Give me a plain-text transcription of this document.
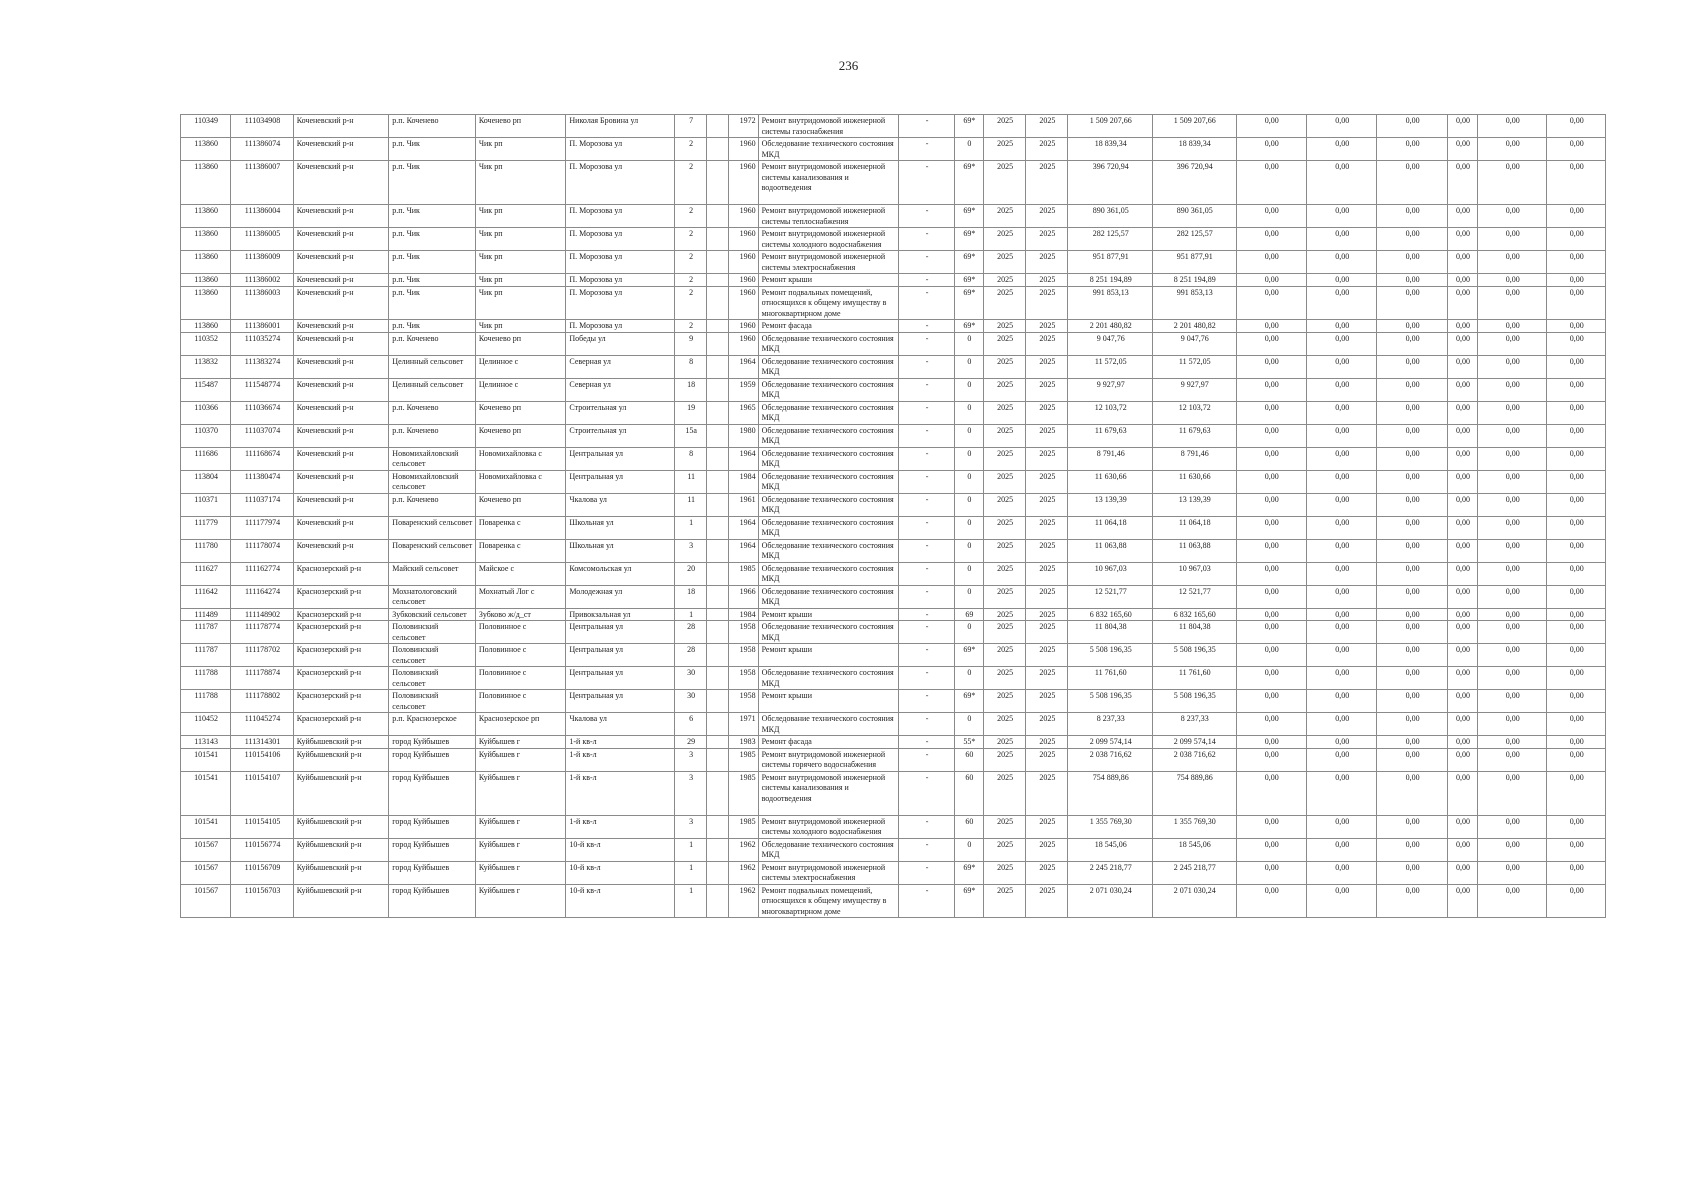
236
110349	111034908	Коченевский р-н	р.п. Коченево	Коченево рп	Николая Бровина ул	7		1972	Ремонт внутридомовой инженерной системы газоснабжения	-	69*	2025	2025	1 509 207,66	1 509 207,66	0,00	0,00	0,00	0,00	0,00	0,00
113860	111386074	Коченевский р-н	р.п. Чик	Чик рп	П. Морозова ул	2		1960	Обследование технического состояния МКД	-	0	2025	2025	18 839,34	18 839,34	0,00	0,00	0,00	0,00	0,00	0,00
113860	111386007	Коченевский р-н	р.п. Чик	Чик рп	П. Морозова ул	2		1960	Ремонт внутридомовой инженерной системы канализования и водоотведения	-	69*	2025	2025	396 720,94	396 720,94	0,00	0,00	0,00	0,00	0,00	0,00
113860	111386004	Коченевский р-н	р.п. Чик	Чик рп	П. Морозова ул	2		1960	Ремонт внутридомовой инженерной системы теплоснабжения	-	69*	2025	2025	890 361,05	890 361,05	0,00	0,00	0,00	0,00	0,00	0,00
113860	111386005	Коченевский р-н	р.п. Чик	Чик рп	П. Морозова ул	2		1960	Ремонт внутридомовой инженерной системы холодного водоснабжения	-	69*	2025	2025	282 125,57	282 125,57	0,00	0,00	0,00	0,00	0,00	0,00
113860	111386009	Коченевский р-н	р.п. Чик	Чик рп	П. Морозова ул	2		1960	Ремонт внутридомовой инженерной системы электроснабжения	-	69*	2025	2025	951 877,91	951 877,91	0,00	0,00	0,00	0,00	0,00	0,00
113860	111386002	Коченевский р-н	р.п. Чик	Чик рп	П. Морозова ул	2		1960	Ремонт крыши	-	69*	2025	2025	8 251 194,89	8 251 194,89	0,00	0,00	0,00	0,00	0,00	0,00
113860	111386003	Коченевский р-н	р.п. Чик	Чик рп	П. Морозова ул	2		1960	Ремонт подвальных помещений, относящихся к общему имуществу в многоквартирном доме	-	69*	2025	2025	991 853,13	991 853,13	0,00	0,00	0,00	0,00	0,00	0,00
113860	111386001	Коченевский р-н	р.п. Чик	Чик рп	П. Морозова ул	2		1960	Ремонт фасада	-	69*	2025	2025	2 201 480,82	2 201 480,82	0,00	0,00	0,00	0,00	0,00	0,00
110352	111035274	Коченевский р-н	р.п. Коченево	Коченево рп	Победы ул	9		1960	Обследование технического состояния МКД	-	0	2025	2025	9 047,76	9 047,76	0,00	0,00	0,00	0,00	0,00	0,00
113832	111383274	Коченевский р-н	Целинный сельсовет	Целинное с	Северная ул	8		1964	Обследование технического состояния МКД	-	0	2025	2025	11 572,05	11 572,05	0,00	0,00	0,00	0,00	0,00	0,00
115487	111548774	Коченевский р-н	Целинный сельсовет	Целинное с	Северная ул	18		1959	Обследование технического состояния МКД	-	0	2025	2025	9 927,97	9 927,97	0,00	0,00	0,00	0,00	0,00	0,00
110366	111036674	Коченевский р-н	р.п. Коченево	Коченево рп	Строительная ул	19		1965	Обследование технического состояния МКД	-	0	2025	2025	12 103,72	12 103,72	0,00	0,00	0,00	0,00	0,00	0,00
110370	111037074	Коченевский р-н	р.п. Коченево	Коченево рп	Строительная ул	15а		1980	Обследование технического состояния МКД	-	0	2025	2025	11 679,63	11 679,63	0,00	0,00	0,00	0,00	0,00	0,00
111686	111168674	Коченевский р-н	Новомихайловский сельсовет	Новомихайловка с	Центральная ул	8		1964	Обследование технического состояния МКД	-	0	2025	2025	8 791,46	8 791,46	0,00	0,00	0,00	0,00	0,00	0,00
113804	111380474	Коченевский р-н	Новомихайловский сельсовет	Новомихайловка с	Центральная ул	11		1984	Обследование технического состояния МКД	-	0	2025	2025	11 630,66	11 630,66	0,00	0,00	0,00	0,00	0,00	0,00
110371	111037174	Коченевский р-н	р.п. Коченево	Коченево рп	Чкалова ул	11		1961	Обследование технического состояния МКД	-	0	2025	2025	13 139,39	13 139,39	0,00	0,00	0,00	0,00	0,00	0,00
111779	111177974	Коченевский р-н	Поваренский сельсовет	Поваренка с	Школьная ул	1		1964	Обследование технического состояния МКД	-	0	2025	2025	11 064,18	11 064,18	0,00	0,00	0,00	0,00	0,00	0,00
111780	111178074	Коченевский р-н	Поваренский сельсовет	Поваренка с	Школьная ул	3		1964	Обследование технического состояния МКД	-	0	2025	2025	11 063,88	11 063,88	0,00	0,00	0,00	0,00	0,00	0,00
111627	111162774	Краснозерский р-н	Майский сельсовет	Майское с	Комсомольская ул	20		1985	Обследование технического состояния МКД	-	0	2025	2025	10 967,03	10 967,03	0,00	0,00	0,00	0,00	0,00	0,00
111642	111164274	Краснозерский р-н	Мохнатологовский сельсовет	Мохнатый Лог с	Молодежная ул	18		1966	Обследование технического состояния МКД	-	0	2025	2025	12 521,77	12 521,77	0,00	0,00	0,00	0,00	0,00	0,00
111489	111148902	Краснозерский р-н	Зубковский сельсовет	Зубково ж/д_ст	Привокзальная ул	1		1984	Ремонт крыши	-	69	2025	2025	6 832 165,60	6 832 165,60	0,00	0,00	0,00	0,00	0,00	0,00
111787	111178774	Краснозерский р-н	Половинский сельсовет	Половинное с	Центральная ул	28		1958	Обследование технического состояния МКД	-	0	2025	2025	11 804,38	11 804,38	0,00	0,00	0,00	0,00	0,00	0,00
111787	111178702	Краснозерский р-н	Половинский сельсовет	Половинное с	Центральная ул	28		1958	Ремонт крыши	-	69*	2025	2025	5 508 196,35	5 508 196,35	0,00	0,00	0,00	0,00	0,00	0,00
111788	111178874	Краснозерский р-н	Половинский сельсовет	Половинное с	Центральная ул	30		1958	Обследование технического состояния МКД	-	0	2025	2025	11 761,60	11 761,60	0,00	0,00	0,00	0,00	0,00	0,00
111788	111178802	Краснозерский р-н	Половинский сельсовет	Половинное с	Центральная ул	30		1958	Ремонт крыши	-	69*	2025	2025	5 508 196,35	5 508 196,35	0,00	0,00	0,00	0,00	0,00	0,00
110452	111045274	Краснозерский р-н	р.п. Краснозерское	Краснозерское рп	Чкалова ул	6		1971	Обследование технического состояния МКД	-	0	2025	2025	8 237,33	8 237,33	0,00	0,00	0,00	0,00	0,00	0,00
113143	111314301	Куйбышевский р-н	город Куйбышев	Куйбышев г	1-й кв-л	29		1983	Ремонт фасада	-	55*	2025	2025	2 099 574,14	2 099 574,14	0,00	0,00	0,00	0,00	0,00	0,00
101541	110154106	Куйбышевский р-н	город Куйбышев	Куйбышев г	1-й кв-л	3		1985	Ремонт внутридомовой инженерной системы горячего водоснабжения	-	60	2025	2025	2 038 716,62	2 038 716,62	0,00	0,00	0,00	0,00	0,00	0,00
101541	110154107	Куйбышевский р-н	город Куйбышев	Куйбышев г	1-й кв-л	3		1985	Ремонт внутридомовой инженерной системы канализования и водоотведения	-	60	2025	2025	754 889,86	754 889,86	0,00	0,00	0,00	0,00	0,00	0,00
101541	110154105	Куйбышевский р-н	город Куйбышев	Куйбышев г	1-й кв-л	3		1985	Ремонт внутридомовой инженерной системы холодного водоснабжения	-	60	2025	2025	1 355 769,30	1 355 769,30	0,00	0,00	0,00	0,00	0,00	0,00
101567	110156774	Куйбышевский р-н	город Куйбышев	Куйбышев г	10-й кв-л	1		1962	Обследование технического состояния МКД	-	0	2025	2025	18 545,06	18 545,06	0,00	0,00	0,00	0,00	0,00	0,00
101567	110156709	Куйбышевский р-н	город Куйбышев	Куйбышев г	10-й кв-л	1		1962	Ремонт внутридомовой инженерной системы электроснабжения	-	69*	2025	2025	2 245 218,77	2 245 218,77	0,00	0,00	0,00	0,00	0,00	0,00
101567	110156703	Куйбышевский р-н	город Куйбышев	Куйбышев г	10-й кв-л	1		1962	Ремонт подвальных помещений, относящихся к общему имуществу в многоквартирном доме	-	69*	2025	2025	2 071 030,24	2 071 030,24	0,00	0,00	0,00	0,00	0,00	0,00
